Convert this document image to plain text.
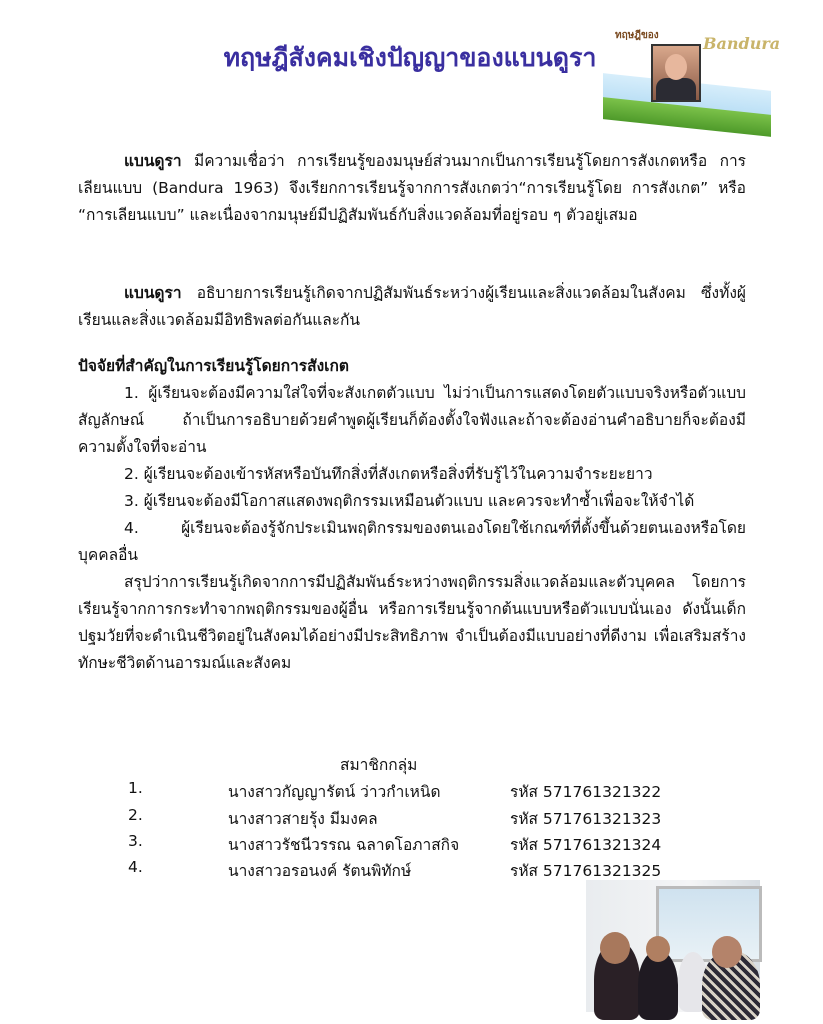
ทฤษฎีสังคมเชิงปัญญาของแบนดูรา
ทฤษฎีของ	Bandura

แบนดูรา มีความเชื่อว่า การเรียนรู้ของมนุษย์ส่วนมากเป็นการเรียนรู้โดยการสังเกตหรือ การเลียนแบบ (Bandura 1963) จึงเรียกการเรียนรู้จากการสังเกตว่า“การเรียนรู้โดย การสังเกต” หรือ “การเลียนแบบ” และเนื่องจากมนุษย์มีปฏิสัมพันธ์กับสิ่งแวดล้อมที่อยู่รอบ ๆ ตัวอยู่เสมอ

แบนดูรา อธิบายการเรียนรู้เกิดจากปฏิสัมพันธ์ระหว่างผู้เรียนและสิ่งแวดล้อมในสังคม ซึ่งทั้งผู้เรียนและสิ่งแวดล้อมมีอิทธิพลต่อกันและกัน

ปัจจัยที่สำคัญในการเรียนรู้โดยการสังเกต

1. ผู้เรียนจะต้องมีความใส่ใจที่จะสังเกตตัวแบบ ไม่ว่าเป็นการแสดงโดยตัวแบบจริงหรือตัวแบบสัญลักษณ์ ถ้าเป็นการอธิบายด้วยคำพูดผู้เรียนก็ต้องตั้งใจฟังและถ้าจะต้องอ่านคำอธิบายก็จะต้องมีความตั้งใจที่จะอ่าน

2. ผู้เรียนจะต้องเข้ารหัสหรือบันทึกสิ่งที่สังเกตหรือสิ่งที่รับรู้ไว้ในความจำระยะยาว

3. ผู้เรียนจะต้องมีโอกาสแสดงพฤติกรรมเหมือนตัวแบบ และควรจะทำซ้ำเพื่อจะให้จำได้

4. ผู้เรียนจะต้องรู้จักประเมินพฤติกรรมของตนเองโดยใช้เกณฑ์ที่ตั้งขึ้นด้วยตนเองหรือโดยบุคคลอื่น

สรุปว่าการเรียนรู้เกิดจากการมีปฏิสัมพันธ์ระหว่างพฤติกรรมสิ่งแวดล้อมและตัวบุคคล โดยการเรียนรู้จากการกระทำจากพฤติกรรมของผู้อื่น หรือการเรียนรู้จากต้นแบบหรือตัวแบบนั่นเอง ดังนั้นเด็กปฐมวัยที่จะดำเนินชีวิตอยู่ในสังคมได้อย่างมีประสิทธิภาพ จำเป็นต้องมีแบบอย่างที่ดีงาม เพื่อเสริมสร้างทักษะชีวิตด้านอารมณ์และสังคม

สมาชิกกลุ่ม
1.	นางสาวกัญญารัตน์ ว่าวกำเหนิด	รหัส 571761321322
2.	นางสาวสายรุ้ง มีมงคล	รหัส 571761321323
3.	นางสาวรัชนีวรรณ ฉลาดโอภาสกิจ	รหัส 571761321324
4.	นางสาวอรอนงค์ รัตนพิทักษ์	รหัส 571761321325
